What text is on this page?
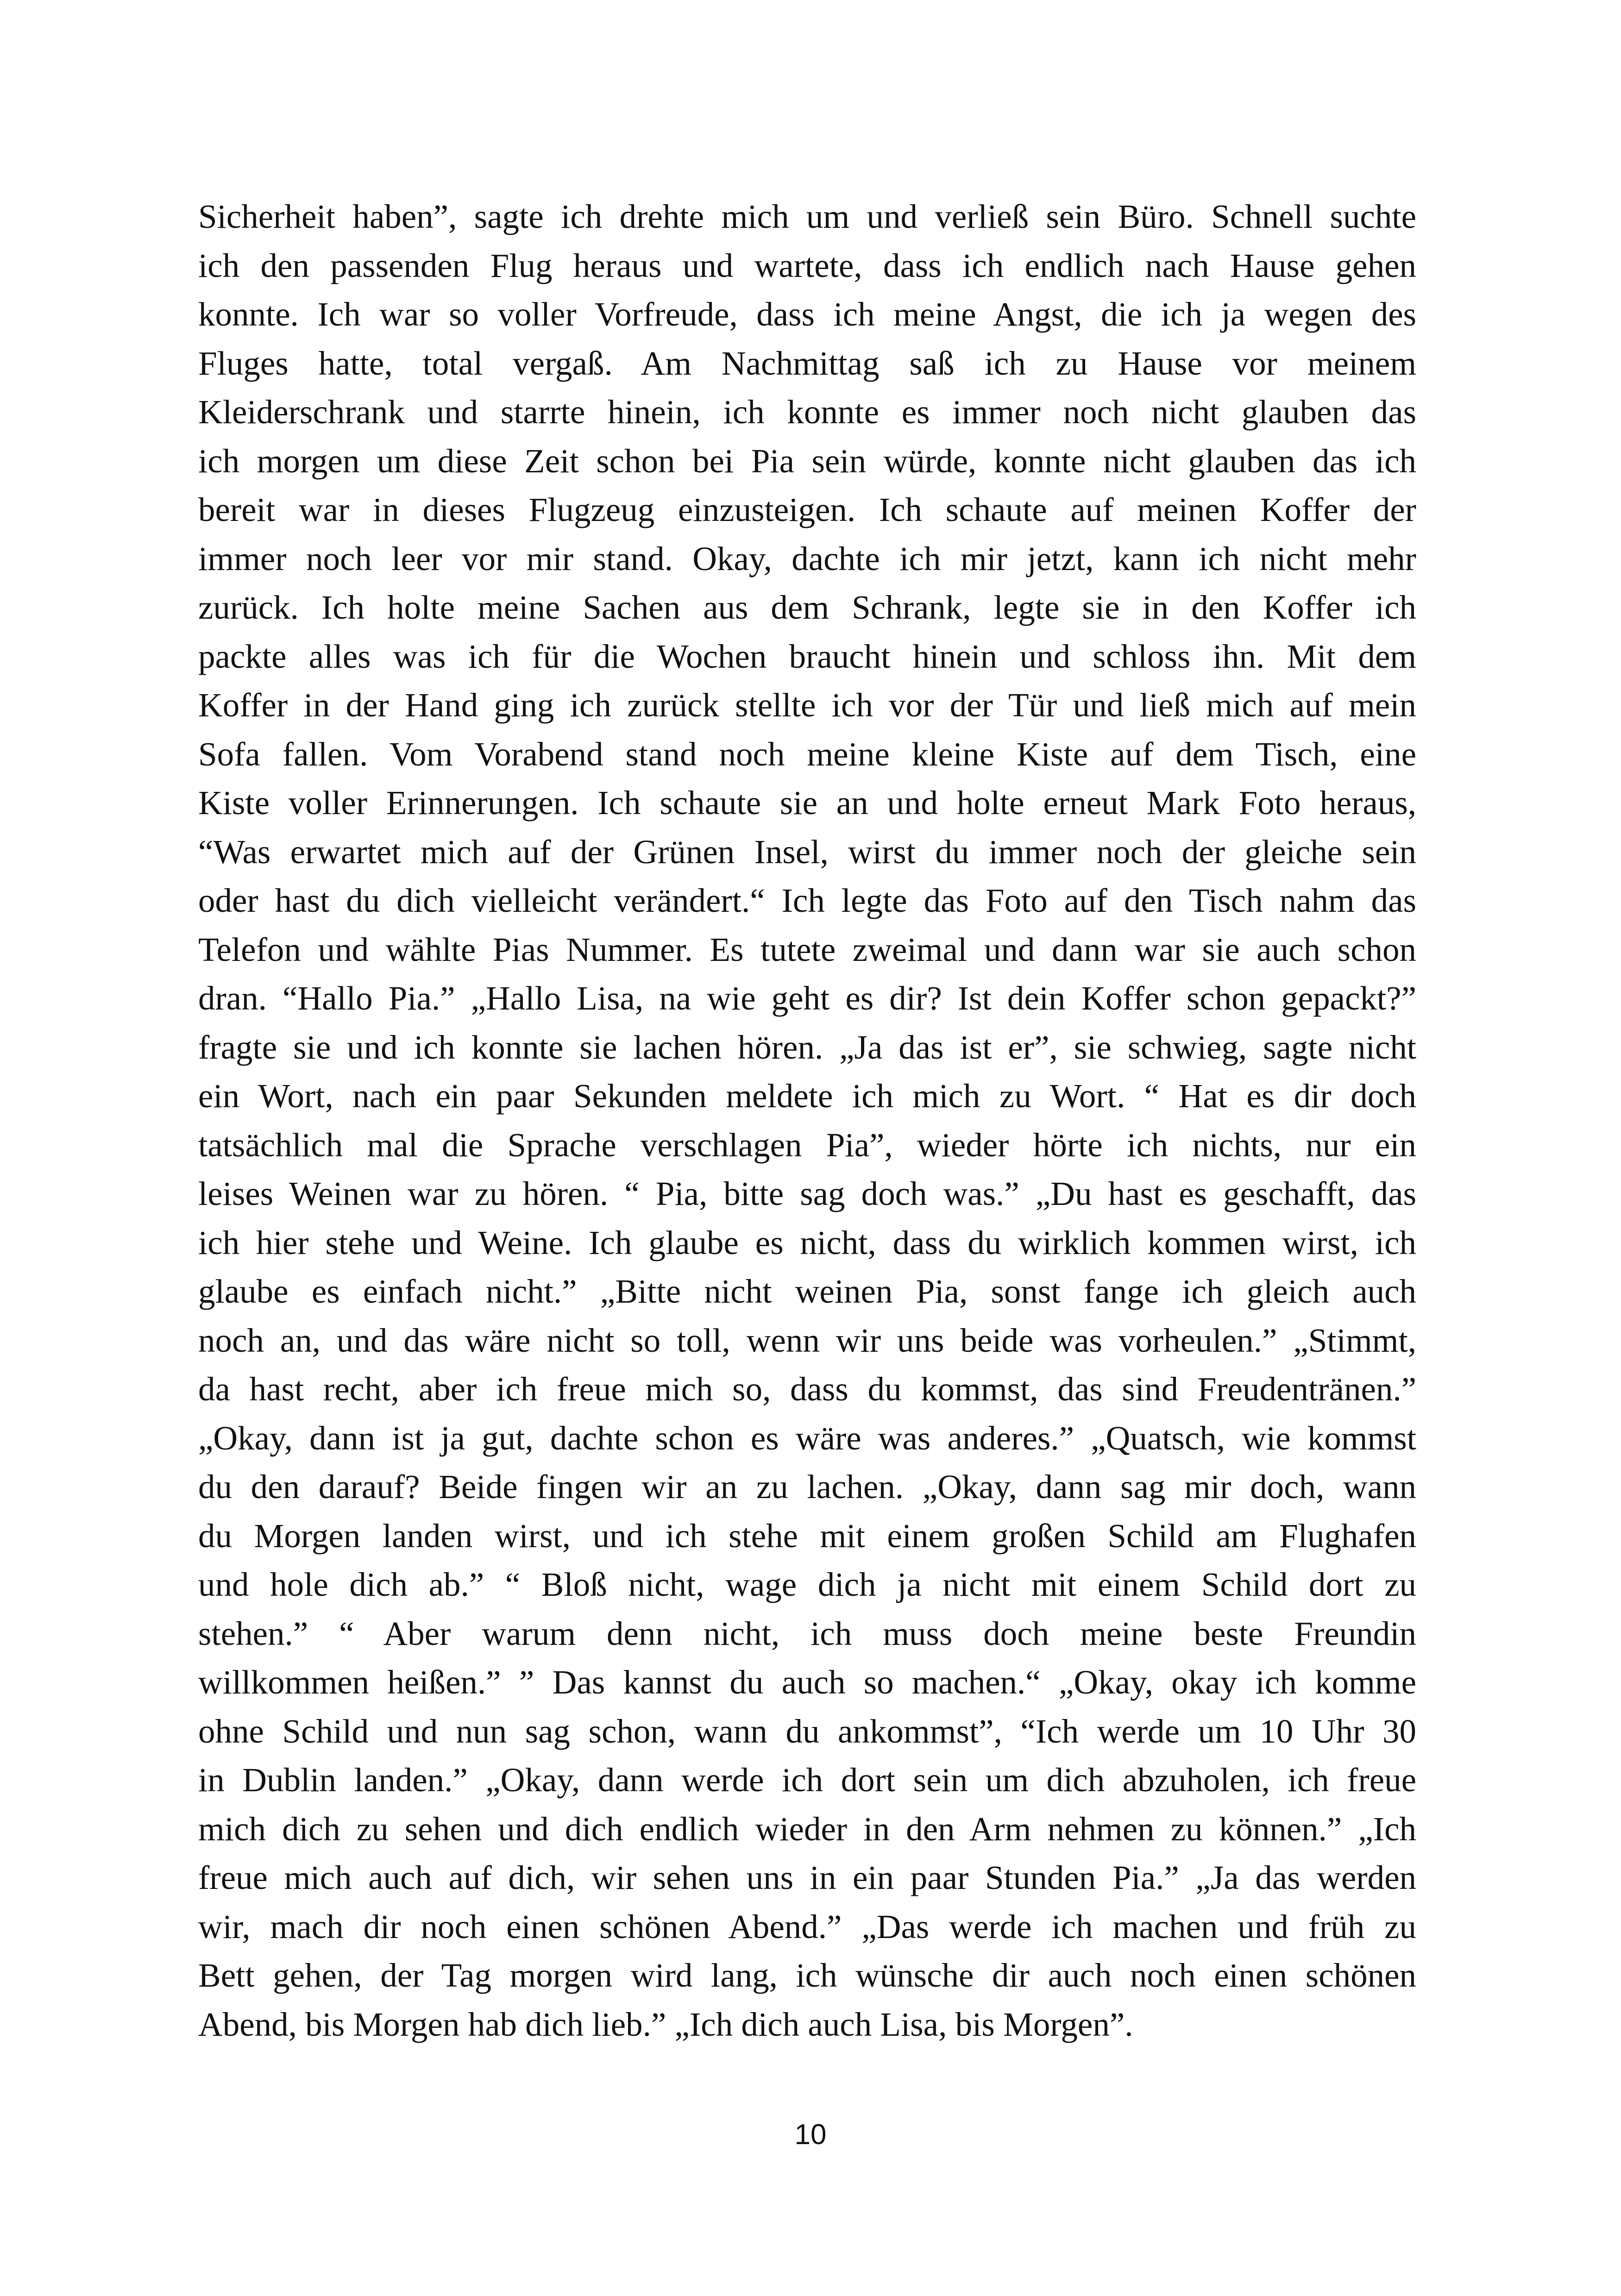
Sicherheit haben”, sagte ich drehte mich um und verließ sein Büro. Schnell suchte
ich den passenden Flug heraus und wartete, dass ich endlich nach Hause gehen
konnte. Ich war so voller Vorfreude, dass ich meine Angst, die ich ja wegen des
Fluges hatte, total vergaß. Am Nachmittag saß ich zu Hause vor meinem
Kleiderschrank und starrte hinein, ich konnte es immer noch nicht glauben das
ich morgen um diese Zeit schon bei Pia sein würde, konnte nicht glauben das ich
bereit war in dieses Flugzeug einzusteigen. Ich schaute auf meinen Koffer der
immer noch leer vor mir stand. Okay, dachte ich mir jetzt, kann ich nicht mehr
zurück. Ich holte meine Sachen aus dem Schrank, legte sie in den Koffer ich
packte alles was ich für die Wochen braucht hinein und schloss ihn. Mit dem
Koffer in der Hand ging ich zurück stellte ich vor der Tür und ließ mich auf mein
Sofa fallen. Vom Vorabend stand noch meine kleine Kiste auf dem Tisch, eine
Kiste voller Erinnerungen. Ich schaute sie an und holte erneut Mark Foto heraus,
“Was erwartet mich auf der Grünen Insel, wirst du immer noch der gleiche sein
oder hast du dich vielleicht verändert.“ Ich legte das Foto auf den Tisch nahm das
Telefon und wählte Pias Nummer. Es tutete zweimal und dann war sie auch schon
dran. “Hallo Pia.” „Hallo Lisa, na wie geht es dir? Ist dein Koffer schon gepackt?”
fragte sie und ich konnte sie lachen hören. „Ja das ist er”, sie schwieg, sagte nicht
ein Wort, nach ein paar Sekunden meldete ich mich zu Wort. “ Hat es dir doch
tatsächlich mal die Sprache verschlagen Pia”, wieder hörte ich nichts, nur ein
leises Weinen war zu hören. “ Pia, bitte sag doch was.” „Du hast es geschafft, das
ich hier stehe und Weine. Ich glaube es nicht, dass du wirklich kommen wirst, ich
glaube es einfach nicht.” „Bitte nicht weinen Pia, sonst fange ich gleich auch
noch an, und das wäre nicht so toll, wenn wir uns beide was vorheulen.” „Stimmt,
da hast recht, aber ich freue mich so, dass du kommst, das sind Freudentränen.”
„Okay, dann ist ja gut, dachte schon es wäre was anderes.” „Quatsch, wie kommst
du den darauf? Beide fingen wir an zu lachen. „Okay, dann sag mir doch, wann
du Morgen landen wirst, und ich stehe mit einem großen Schild am Flughafen
und hole dich ab.” “ Bloß nicht, wage dich ja nicht mit einem Schild dort zu
stehen.” “ Aber warum denn nicht, ich muss doch meine beste Freundin
willkommen heißen.” ” Das kannst du auch so machen.“ „Okay, okay ich komme
ohne Schild und nun sag schon, wann du ankommst”, “Ich werde um 10 Uhr 30
in Dublin landen.” „Okay, dann werde ich dort sein um dich abzuholen, ich freue
mich dich zu sehen und dich endlich wieder in den Arm nehmen zu können.” „Ich
freue mich auch auf dich, wir sehen uns in ein paar Stunden Pia.” „Ja das werden
wir, mach dir noch einen schönen Abend.” „Das werde ich machen und früh zu
Bett gehen, der Tag morgen wird lang, ich wünsche dir auch noch einen schönen
Abend, bis Morgen hab dich lieb.” „Ich dich auch Lisa, bis Morgen”.
10
